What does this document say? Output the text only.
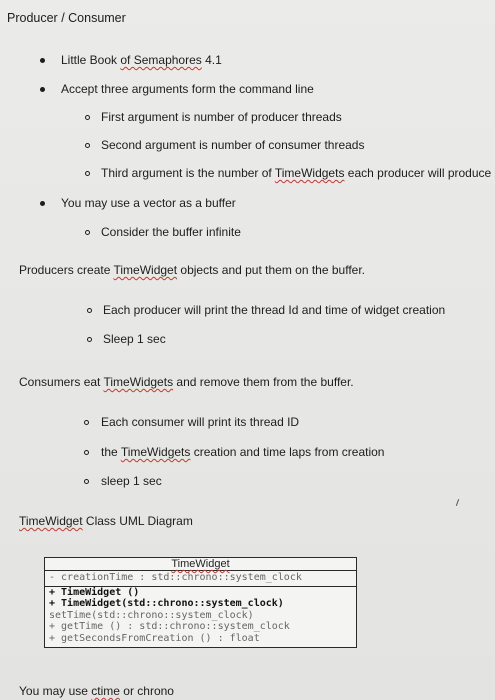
Producer / Consumer
Little Book of Semaphores 4.1
Accept three arguments form the command line
First argument is number of producer threads
Second argument is number of consumer threads
Third argument is the number of TimeWidgets each producer will produce
You may use a vector as a buffer
Consider the buffer infinite
Producers create TimeWidget objects and put them on the buffer.
Each producer will print the thread Id and time of widget creation
Sleep 1 sec
Consumers eat TimeWidgets and remove them from the buffer.
Each consumer will print its thread ID
the TimeWidgets creation and time laps from creation
sleep 1 sec
TimeWidget Class UML Diagram
TimeWidget
- creationTime : std::chrono::system_clock
+ TimeWidget ()
+ TimeWidget(std::chrono::system_clock)
setTime(std::chrono::system_clock)
+ getTime () : std::chrono::system_clock
+ getSecondsFromCreation () : float
You may use ctime or chrono
